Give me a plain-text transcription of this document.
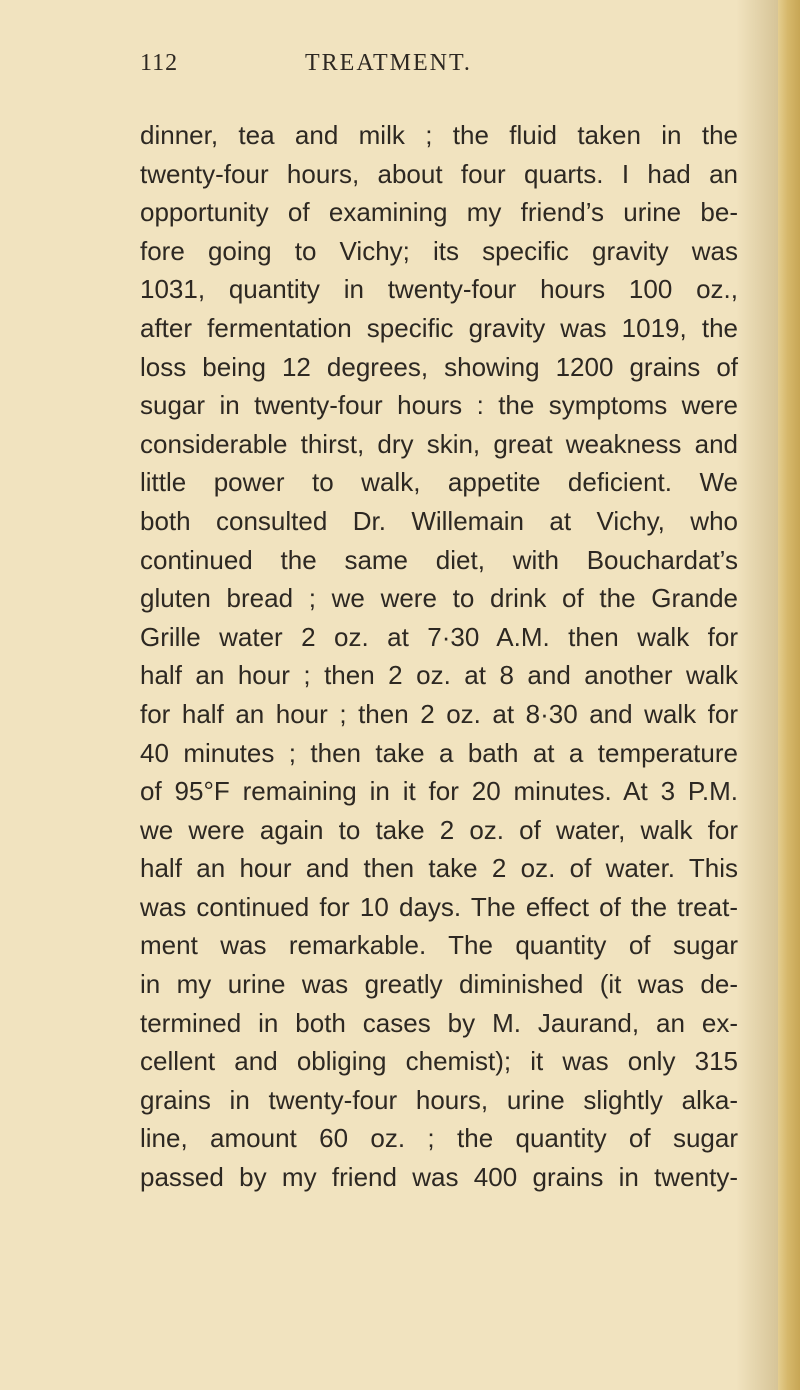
112	TREATMENT.
dinner, tea and milk ; the fluid taken in the
twenty-four hours, about four quarts. I had an
opportunity of examining my friend’s urine be-
fore going to Vichy; its specific gravity was
1031, quantity in twenty-four hours 100 oz.,
after fermentation specific gravity was 1019, the
loss being 12 degrees, showing 1200 grains of
sugar in twenty-four hours : the symptoms were
considerable thirst, dry skin, great weakness and
little power to walk, appetite deficient. We
both consulted Dr. Willemain at Vichy, who
continued the same diet, with Bouchardat’s
gluten bread ; we were to drink of the Grande
Grille water 2 oz. at 7·30 A.M. then walk for
half an hour ; then 2 oz. at 8 and another walk
for half an hour ; then 2 oz. at 8·30 and walk for
40 minutes ; then take a bath at a temperature
of 95°F remaining in it for 20 minutes. At 3 P.M.
we were again to take 2 oz. of water, walk for
half an hour and then take 2 oz. of water. This
was continued for 10 days. The effect of the treat-
ment was remarkable. The quantity of sugar
in my urine was greatly diminished (it was de-
termined in both cases by M. Jaurand, an ex-
cellent and obliging chemist); it was only 315
grains in twenty-four hours, urine slightly alka-
line, amount 60 oz. ; the quantity of sugar
passed by my friend was 400 grains in twenty-
